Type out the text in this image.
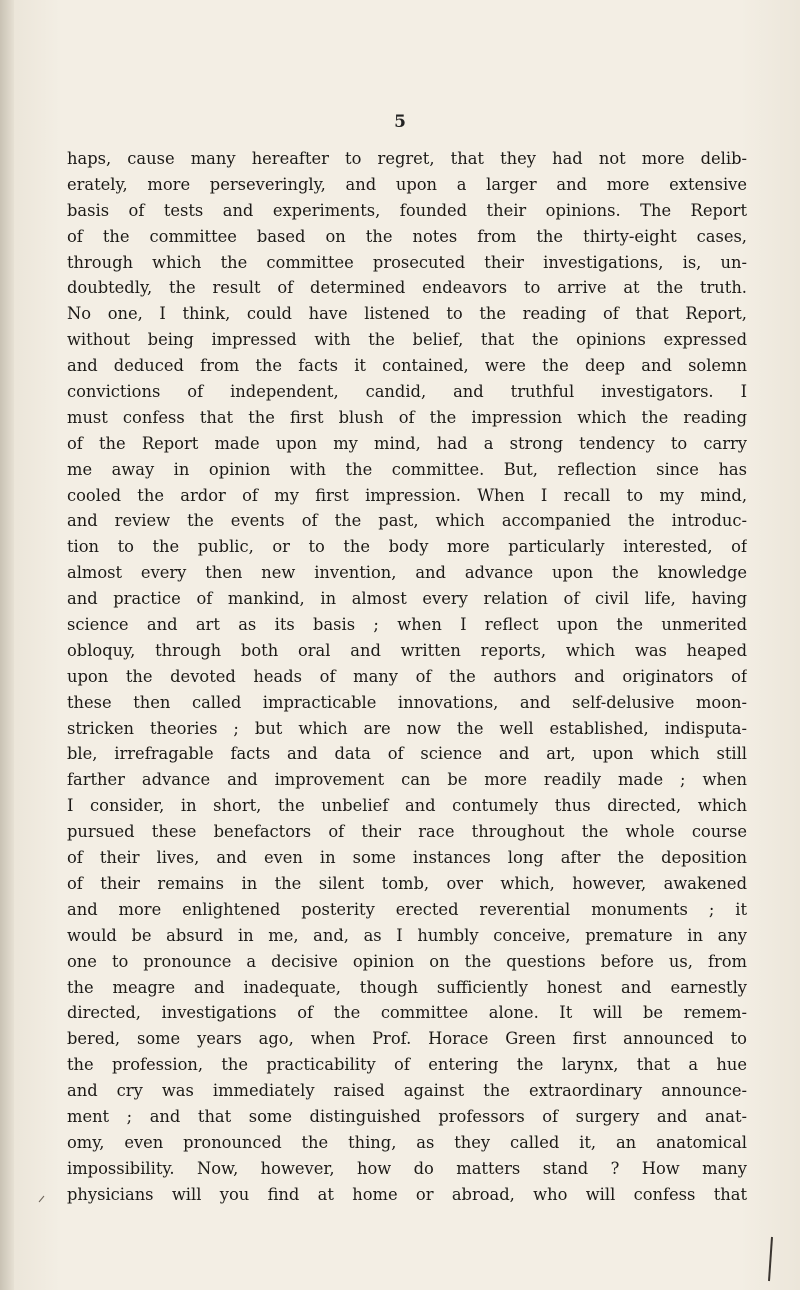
5
haps, cause many hereafter to regret, that they had not more delib-
erately, more perseveringly, and upon a larger and more extensive
basis of tests and experiments, founded their opinions. The Report
of the committee based on the notes from the thirty-eight cases,
through which the committee prosecuted their investigations, is, un-
doubtedly, the result of determined endeavors to arrive at the truth.
No one, I think, could have listened to the reading of that Report,
without being impressed with the belief, that the opinions expressed
and deduced from the facts it contained, were the deep and solemn
convictions of independent, candid, and truthful investigators. I
must confess that the first blush of the impression which the reading
of the Report made upon my mind, had a strong tendency to carry
me away in opinion with the committee. But, reflection since has
cooled the ardor of my first impression. When I recall to my mind,
and review the events of the past, which accompanied the introduc-
tion to the public, or to the body more particularly interested, of
almost every then new invention, and advance upon the knowledge
and practice of mankind, in almost every relation of civil life, having
science and art as its basis ; when I reflect upon the unmerited
obloquy, through both oral and written reports, which was heaped
upon the devoted heads of many of the authors and originators of
these then called impracticable innovations, and self-delusive moon-
stricken theories ; but which are now the well established, indisputa-
ble, irrefragable facts and data of science and art, upon which still
farther advance and improvement can be more readily made ; when
I consider, in short, the unbelief and contumely thus directed, which
pursued these benefactors of their race throughout the whole course
of their lives, and even in some instances long after the deposition
of their remains in the silent tomb, over which, however, awakened
and more enlightened posterity erected reverential monuments ; it
would be absurd in me, and, as I humbly conceive, premature in any
one to pronounce a decisive opinion on the questions before us, from
the meagre and inadequate, though sufficiently honest and earnestly
directed, investigations of the committee alone. It will be remem-
bered, some years ago, when Prof. Horace Green first announced to
the profession, the practicability of entering the larynx, that a hue
and cry was immediately raised against the extraordinary announce-
ment ; and that some distinguished professors of surgery and anat-
omy, even pronounced the thing, as they called it, an anatomical
impossibility. Now, however, how do matters stand ? How many
physicians will you find at home or abroad, who will confess that
